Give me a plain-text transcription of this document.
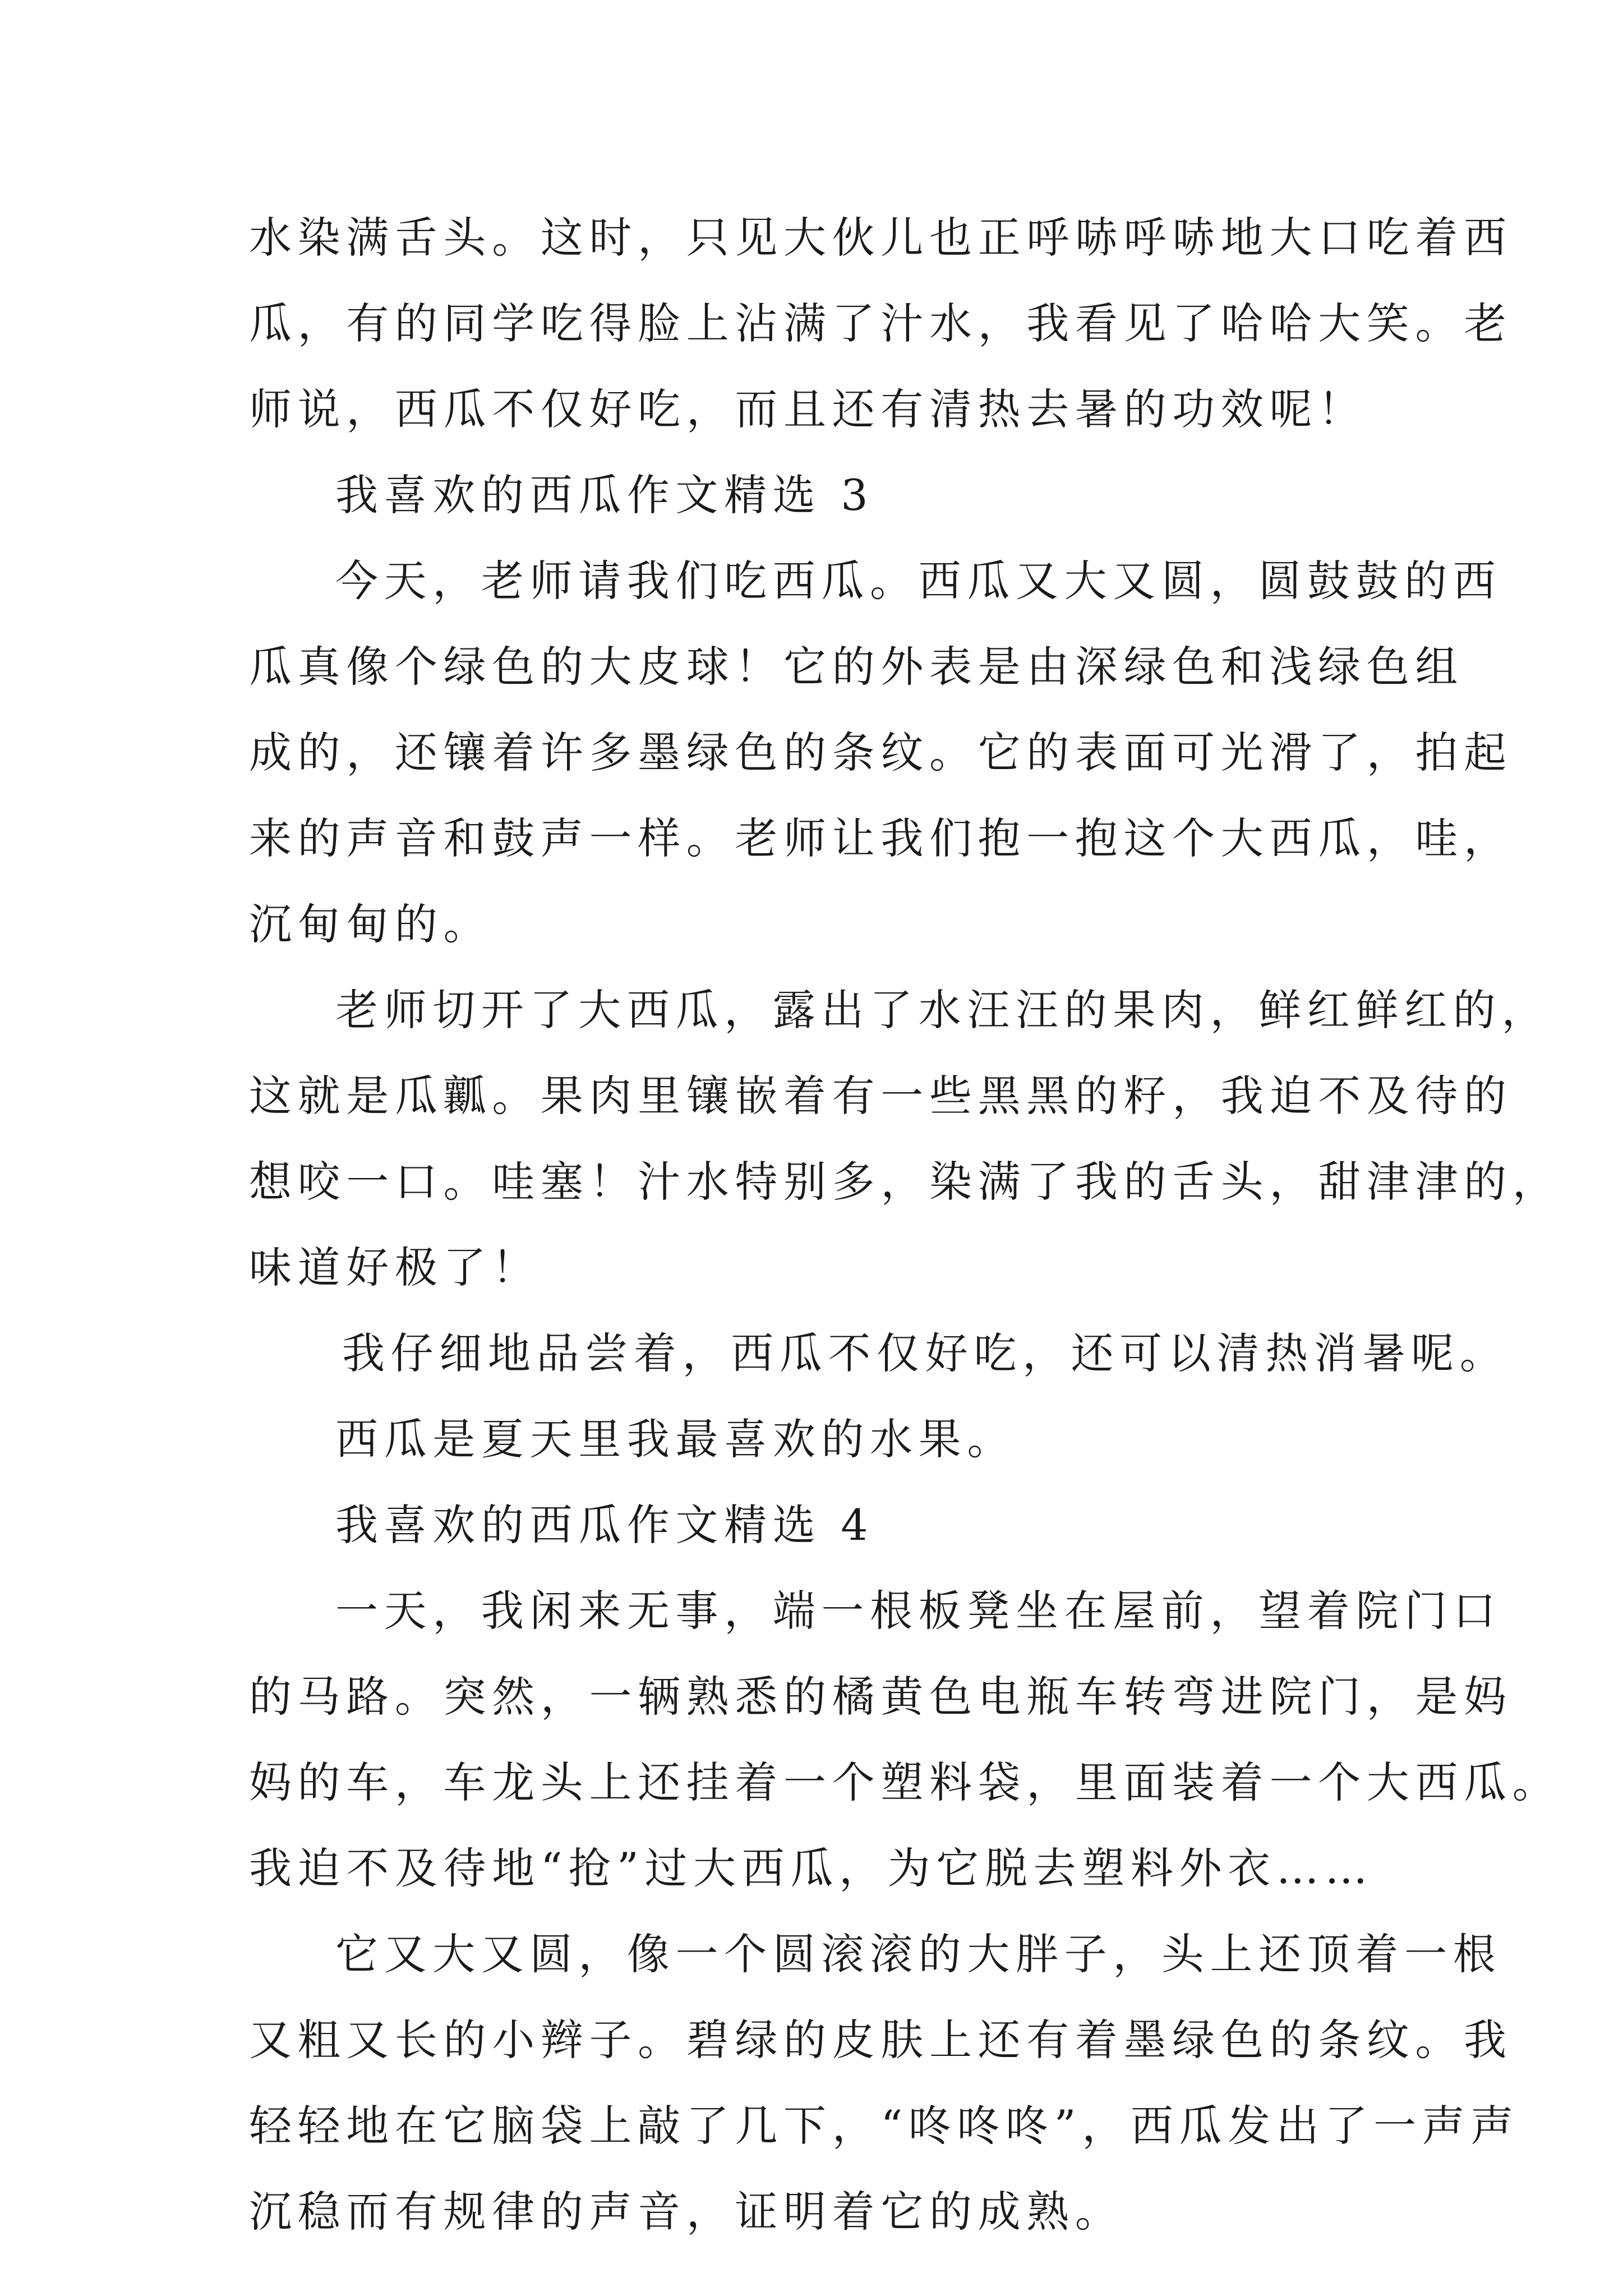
水染满舌头。这时，只见大伙儿也正呼哧呼哧地大口吃着西
瓜，有的同学吃得脸上沾满了汁水，我看见了哈哈大笑。老
师说，西瓜不仅好吃，而且还有清热去暑的功效呢！
我喜欢的西瓜作文精选 3
今天，老师请我们吃西瓜。西瓜又大又圆，圆鼓鼓的西
瓜真像个绿色的大皮球！它的外表是由深绿色和浅绿色组
成的，还镶着许多墨绿色的条纹。它的表面可光滑了，拍起
来的声音和鼓声一样。老师让我们抱一抱这个大西瓜，哇，
沉甸甸的。
老师切开了大西瓜，露出了水汪汪的果肉，鲜红鲜红的，
这就是瓜瓤。果肉里镶嵌着有一些黑黑的籽，我迫不及待的
想咬一口。哇塞！汁水特别多，染满了我的舌头，甜津津的，
味道好极了！
我仔细地品尝着，西瓜不仅好吃，还可以清热消暑呢。
西瓜是夏天里我最喜欢的水果。
我喜欢的西瓜作文精选 4
一天，我闲来无事，端一根板凳坐在屋前，望着院门口
的马路。突然，一辆熟悉的橘黄色电瓶车转弯进院门，是妈
妈的车，车龙头上还挂着一个塑料袋，里面装着一个大西瓜。
我迫不及待地“抢”过大西瓜，为它脱去塑料外衣……
它又大又圆，像一个圆滚滚的大胖子，头上还顶着一根
又粗又长的小辫子。碧绿的皮肤上还有着墨绿色的条纹。我
轻轻地在它脑袋上敲了几下，“咚咚咚”，西瓜发出了一声声
沉稳而有规律的声音，证明着它的成熟。
